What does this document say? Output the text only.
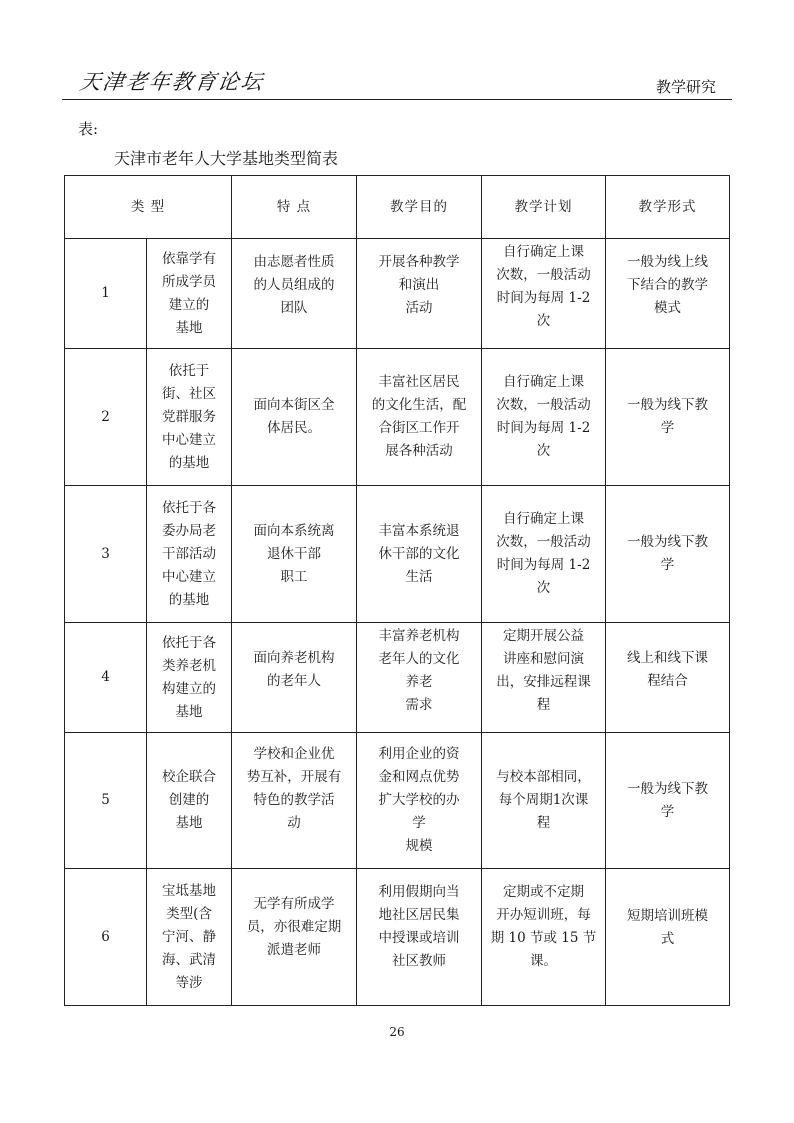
天津老年教育论坛	教学研究
表:
天津市老年人大学基地类型简表
类 型		特 点	教学目的	教学计划	教学形式
1	依靠学有
所成学员
建立的
基地	由志愿者性质
的人员组成的
团队	开展各种教学
和演出
活动	自行确定上课
次数，一般活动
时间为每周 1-2
次	一般为线上线
下结合的教学
模式

2	依托于
街、社区
党群服务
中心建立
的基地	面向本街区全
体居民。	丰富社区居民
的文化生活，配
合街区工作开
展各种活动	自行确定上课
次数，一般活动
时间为每周 1-2
次	一般为线下教
学

3	依托于各
委办局老
干部活动
中心建立
的基地	面向本系统离
退休干部
职工	丰富本系统退
休干部的文化
生活	自行确定上课
次数，一般活动
时间为每周 1-2
次	一般为线下教
学

4	依托于各
类养老机
构建立的
基地	面向养老机构
的老年人	丰富养老机构
老年人的文化
养老
需求	定期开展公益
讲座和慰问演
出，安排远程课
程	线上和线下课
程结合

5	校企联合
创建的
基地	学校和企业优
势互补，开展有
特色的教学活
动	利用企业的资
金和网点优势
扩大学校的办
学
规模	与校本部相同，
每个周期1次课
程	一般为线下教
学

6	宝坻基地
类型(含
宁河、静
海、武清
等涉	无学有所成学
员，亦很难定期
派遣老师	利用假期向当
地社区居民集
中授课或培训
社区教师	定期或不定期
开办短训班，每
期 10 节或 15 节
课。	短期培训班模
式
26
